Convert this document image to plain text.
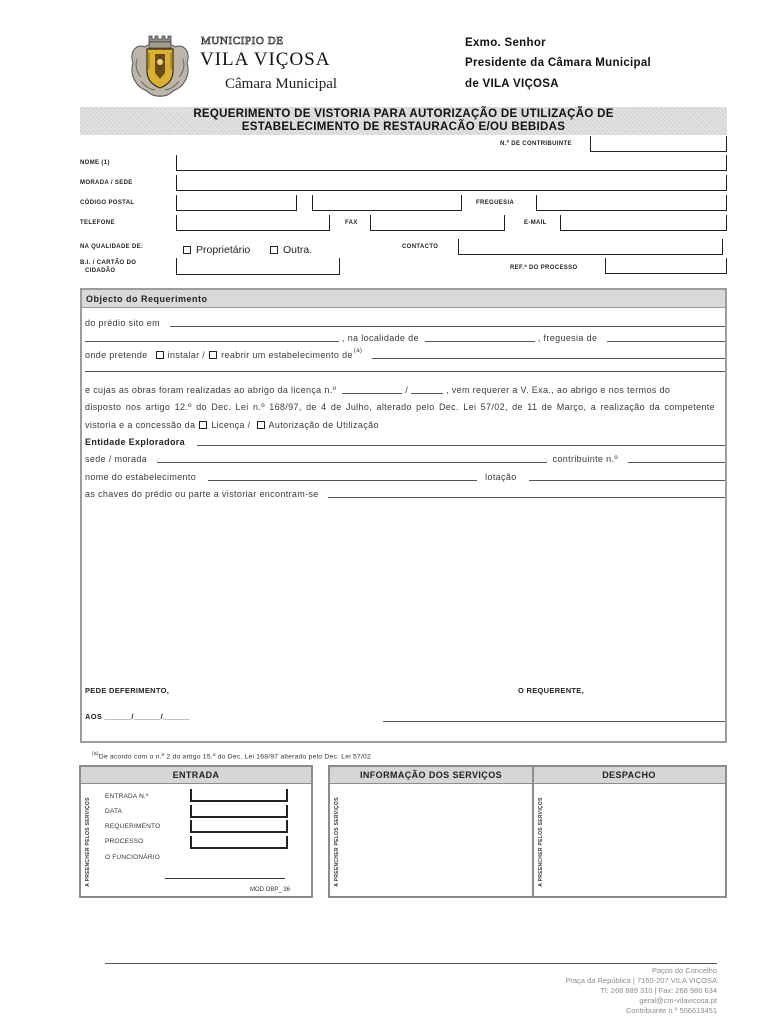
MUNICIPIO DE
VILA VIÇOSA
Câmara Municipal
Exmo. Senhor
Presidente da Câmara Municipal
de VILA VIÇOSA
REQUERIMENTO DE VISTORIA PARA AUTORIZAÇÃO DE UTILIZAÇÃO DE
ESTABELECIMENTO DE RESTAURACÃO E/OU BEBIDAS
N.º DE CONTRIBUINTE
NOME (1)
MORADA / SEDE
CÓDIGO POSTAL	FREGUESIA
TELEFONE	FAX	E-MAIL
NA QUALIDADE DE:	Proprietário	Outra.	CONTACTO
B.I. / CARTÃO DO
CIDADÃO	REF.ª DO PROCESSO
Objecto do Requerimento
do prédio sito em
, na localidade de	, freguesia de
onde pretende instalar / reabrir um estabelecimento de (a)
e cujas as obras foram realizadas ao abrigo da licença n.º	/	, vem requerer a V. Exa., ao abrigo e nos termos do
disposto nos artigo 12.º do Dec. Lei n.º 168/97, de 4 de Julho, alterado pelo Dec. Lei 57/02, de 11 de Março, a realização da competente
vistoria e a concessão da Licença / Autorização de Utilização
Entidade Exploradora
sede / morada	contribuinte n.º
nome do estabelecimento	lotação
as chaves do prédio ou parte a vistoriar encontram-se
PEDE DEFERIMENTO,	O REQUERENTE,
AOS ______/______/______
$^{(a)}$De acordo com o n.º 2 do artigo 15.º do Dec. Lei 168/97 alterado pelo Dec. Lei 57/02
ENTRADA
A PREENCHER PELOS SERVIÇOS
ENTRADA N.º
DATA
REQUERIMENTO
PROCESSO
O FUNCIONÁRIO
MOD OBP_ 36
INFORMAÇÃO DOS SERVIÇOS	DESPACHO
A PREENCHER PELOS SERVIÇOS	A PREENCHER PELOS SERVIÇOS
Paços do Concelho
Praça da República | 7160-207 VILA VIÇOSA
Tl: 268 889 310 | Fax: 268 980 634
geral@cm-vilavicosa.pt
Contribuinte n.º 506613451
